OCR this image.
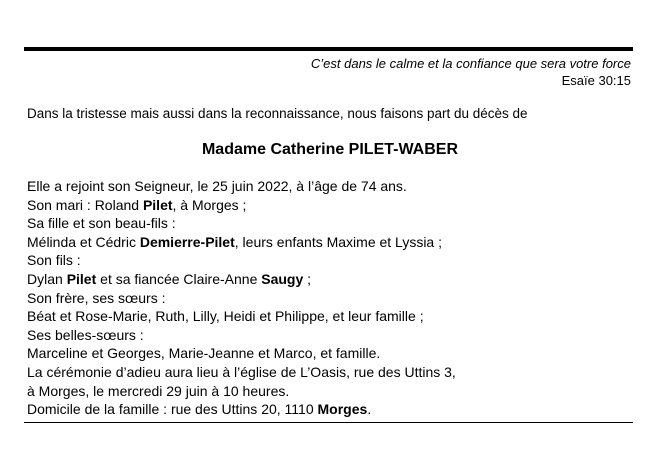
C’est dans le calme et la confiance que sera votre force
Esaïe 30:15
Dans la tristesse mais aussi dans la reconnaissance, nous faisons part du décès de
Madame Catherine PILET-WABER
Elle a rejoint son Seigneur, le 25 juin 2022, à l’âge de 74 ans.
Son mari : Roland Pilet, à Morges ;
Sa fille et son beau-fils :
Mélinda et Cédric Demierre-Pilet, leurs enfants Maxime et Lyssia ;
Son fils :
Dylan Pilet et sa fiancée Claire-Anne Saugy ;
Son frère, ses sœurs :
Béat et Rose-Marie, Ruth, Lilly, Heidi et Philippe, et leur famille ;
Ses belles-sœurs :
Marceline et Georges, Marie-Jeanne et Marco, et famille.
La cérémonie d’adieu aura lieu à l’église de L’Oasis, rue des Uttins 3,
à Morges, le mercredi 29 juin à 10 heures.
Domicile de la famille : rue des Uttins 20, 1110 Morges.
